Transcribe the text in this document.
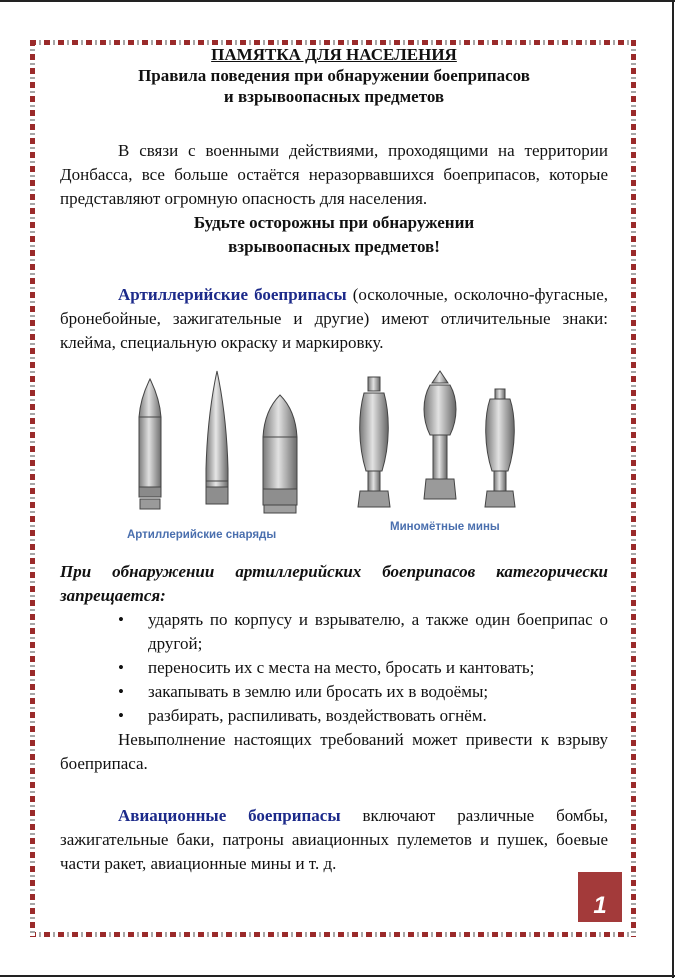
ПАМЯТКА ДЛЯ НАСЕЛЕНИЯ
Правила поведения при обнаружении боеприпасов
и взрывоопасных предметов

В связи с военными действиями, проходящими на территории Донбасса, все больше остаётся неразорвавшихся боеприпасов, которые представляют огромную опасность для населения.

Будьте осторожны при обнаружении
взрывоопасных предметов!

Артиллерийские боеприпасы (осколочные, осколочно-фугасные, бронебойные, зажигательные и другие) имеют отличительные знаки: клейма, специальную окраску и маркировку.

Артиллерийские снаряды
Миномётные мины

При обнаружении артиллерийских боеприпасов категорически запрещается:

• ударять по корпусу и взрывателю, а также один боеприпас о другой;
• переносить их с места на место, бросать и кантовать;
• закапывать в землю или бросать их в водоёмы;
• разбирать, распиливать, воздействовать огнём.

Невыполнение настоящих требований может привести к взрыву боеприпаса.

Авиационные боеприпасы включают различные бомбы, зажигательные баки, патроны авиационных пулеметов и пушек, боевые части ракет, авиационные мины и т. д.

1
